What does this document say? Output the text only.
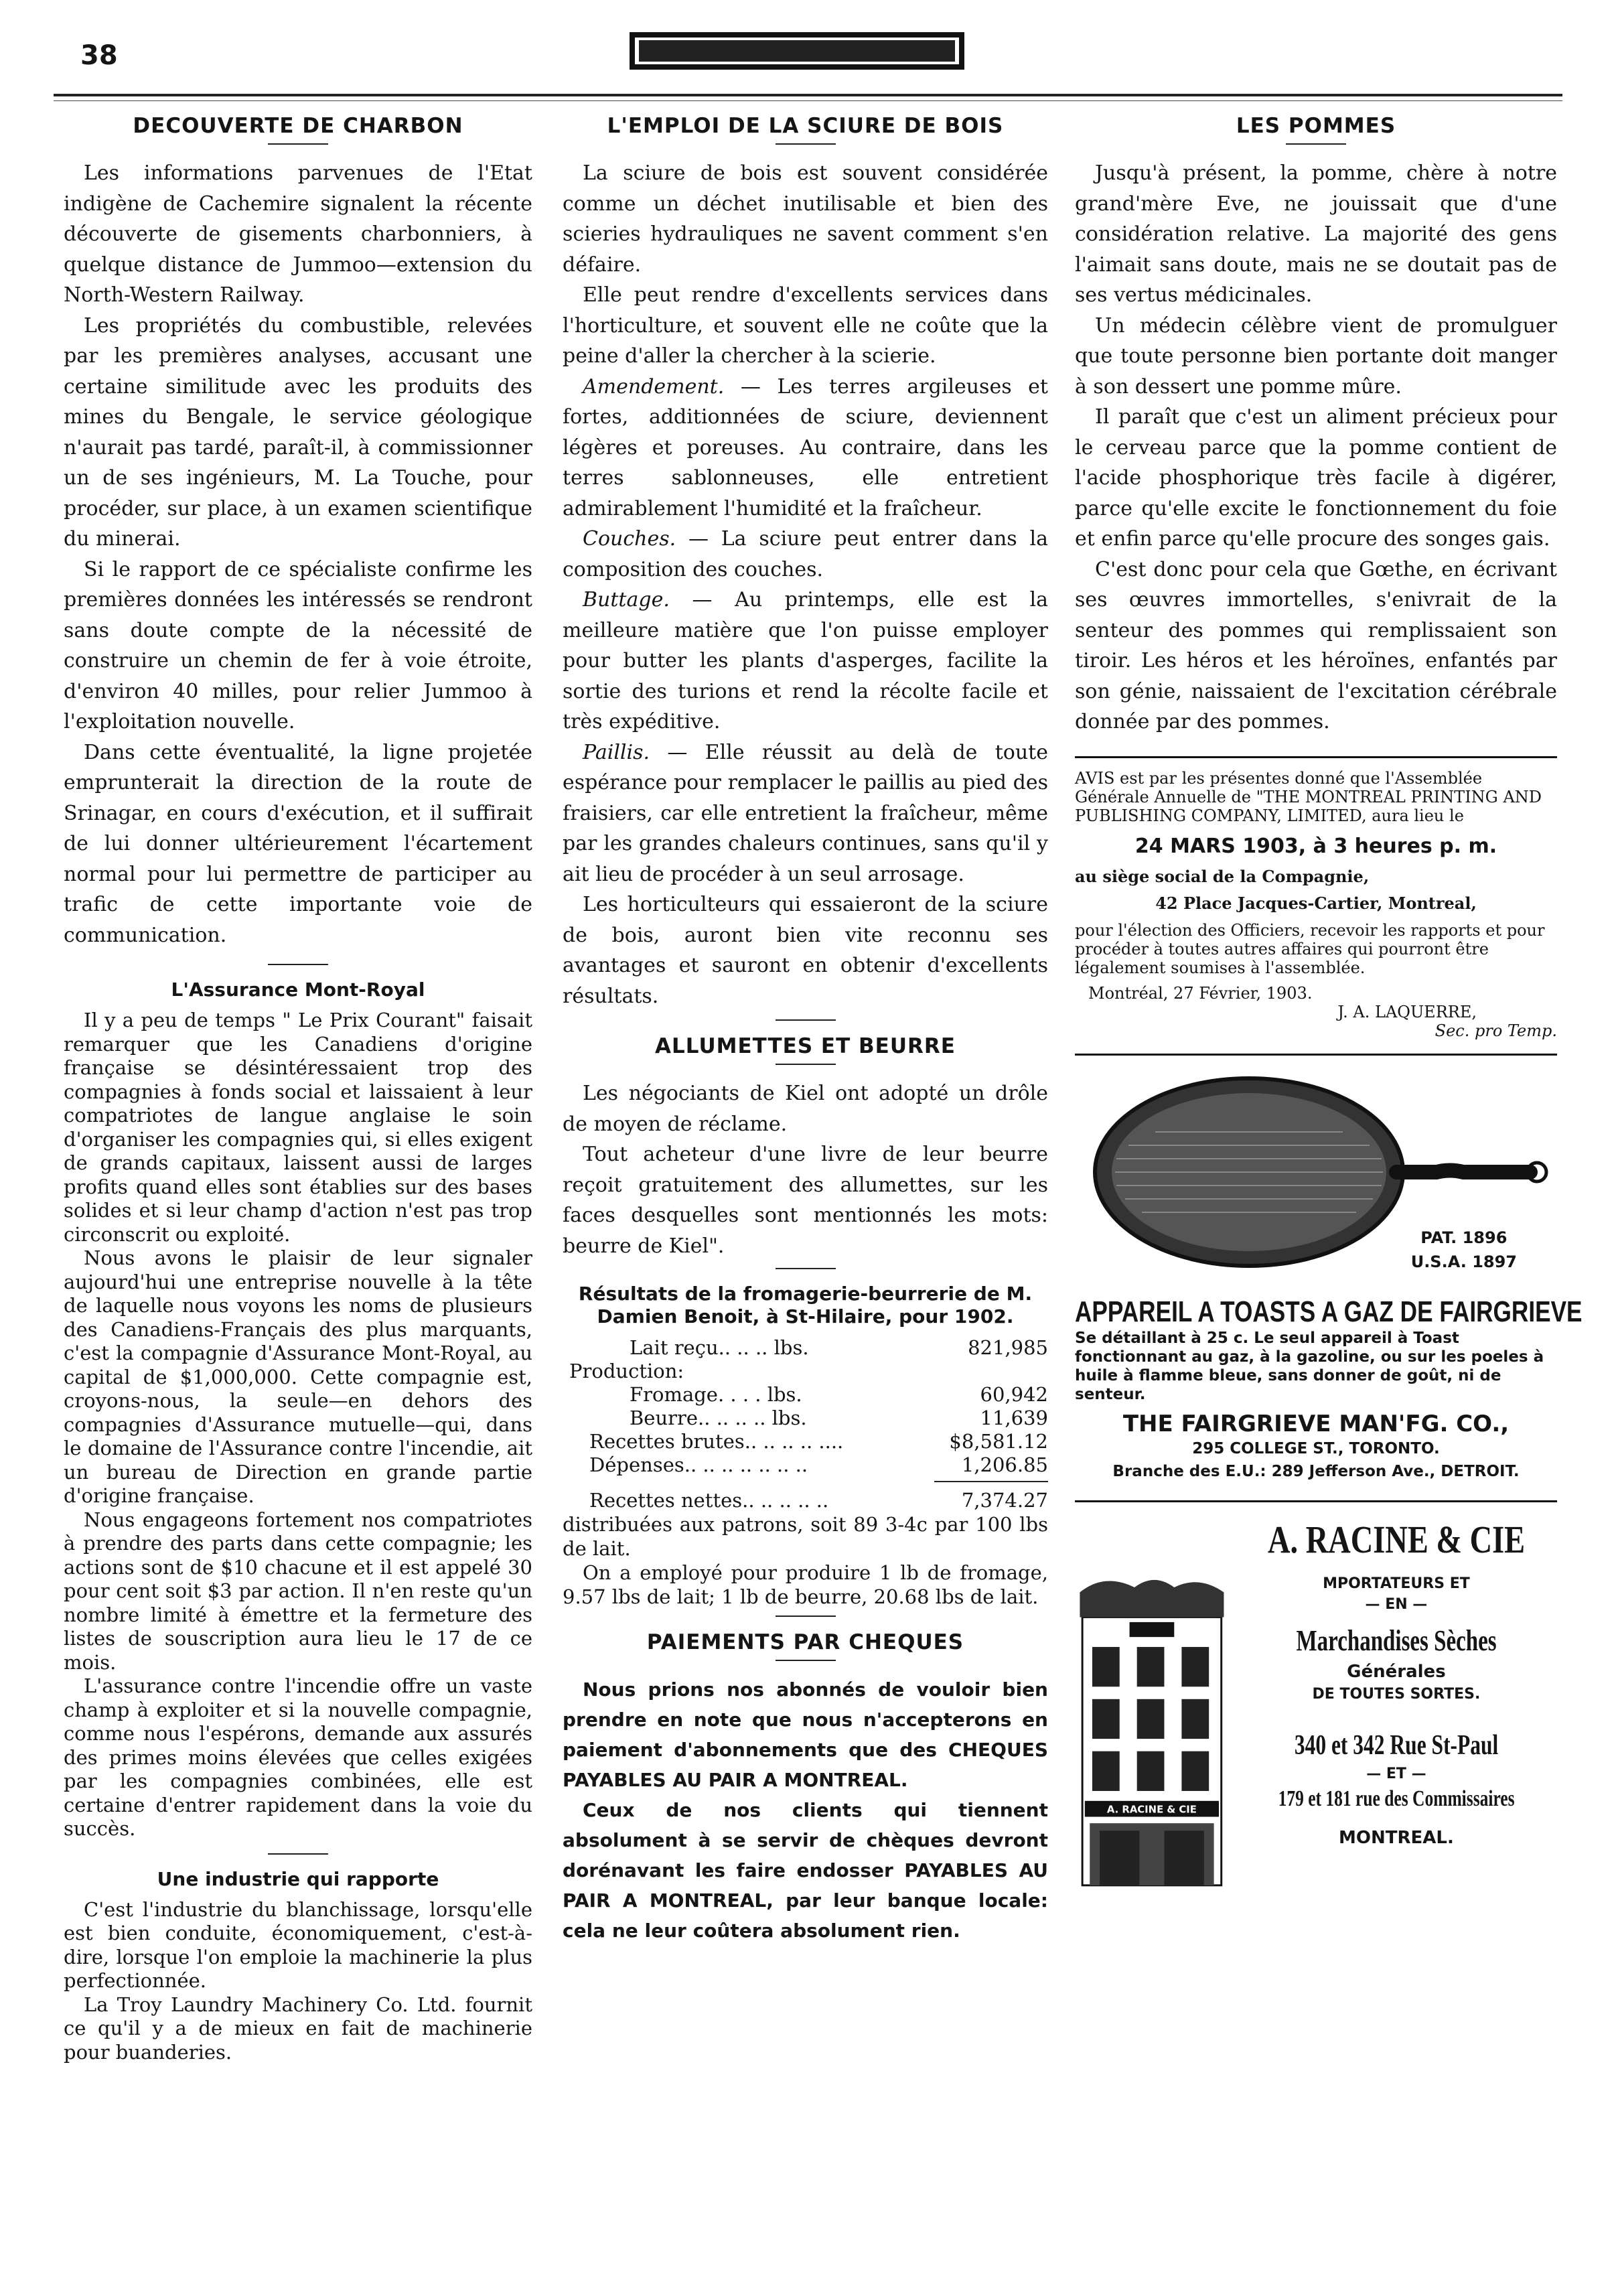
38
DECOUVERTE DE CHARBON

Les informations parvenues de l'Etat indigène de Cachemire signalent la récente découverte de gisements charbonniers, à quelque distance de Jummoo—extension du North-Western Railway.

Les propriétés du combustible, relevées par les premières analyses, accusant une certaine similitude avec les produits des mines du Bengale, le service géologique n'aurait pas tardé, paraît-il, à commissionner un de ses ingénieurs, M. La Touche, pour procéder, sur place, à un examen scientifique du minerai.

Si le rapport de ce spécialiste confirme les premières données les intéressés se rendront sans doute compte de la nécessité de construire un chemin de fer à voie étroite, d'environ 40 milles, pour relier Jummoo à l'exploitation nouvelle.

Dans cette éventualité, la ligne projetée emprunterait la direction de la route de Srinagar, en cours d'exécution, et il suffirait de lui donner ultérieurement l'écartement normal pour lui permettre de participer au trafic de cette importante voie de communication.

L'Assurance Mont-Royal

Il y a peu de temps " Le Prix Courant" faisait remarquer que les Canadiens d'origine française se désintéressaient trop des compagnies à fonds social et laissaient à leur compatriotes de langue anglaise le soin d'organiser les compagnies qui, si elles exigent de grands capitaux, laissent aussi de larges profits quand elles sont établies sur des bases solides et si leur champ d'action n'est pas trop circonscrit ou exploité.

Nous avons le plaisir de leur signaler aujourd'hui une entreprise nouvelle à la tête de laquelle nous voyons les noms de plusieurs des Canadiens-Français des plus marquants, c'est la compagnie d'Assurance Mont-Royal, au capital de $1,000,000. Cette compagnie est, croyons-nous, la seule—en dehors des compagnies d'Assurance mutuelle—qui, dans le domaine de l'Assurance contre l'incendie, ait un bureau de Direction en grande partie d'origine française.

Nous engageons fortement nos compatriotes à prendre des parts dans cette compagnie; les actions sont de $10 chacune et il est appelé 30 pour cent soit $3 par action. Il n'en reste qu'un nombre limité à émettre et la fermeture des listes de souscription aura lieu le 17 de ce mois.

L'assurance contre l'incendie offre un vaste champ à exploiter et si la nouvelle compagnie, comme nous l'espérons, demande aux assurés des primes moins élevées que celles exigées par les compagnies combinées, elle est certaine d'entrer rapidement dans la voie du succès.

Une industrie qui rapporte

C'est l'industrie du blanchissage, lorsqu'elle est bien conduite, économiquement, c'est-à-dire, lorsque l'on emploie la machinerie la plus perfectionnée.

La Troy Laundry Machinery Co. Ltd. fournit ce qu'il y a de mieux en fait de machinerie pour buanderies.

L'EMPLOI DE LA SCIURE DE BOIS

La sciure de bois est souvent considérée comme un déchet inutilisable et bien des scieries hydrauliques ne savent comment s'en défaire.

Elle peut rendre d'excellents services dans l'horticulture, et souvent elle ne coûte que la peine d'aller la chercher à la scierie.

Amendement. — Les terres argileuses et fortes, additionnées de sciure, deviennent légères et poreuses. Au contraire, dans les terres sablonneuses, elle entretient admirablement l'humidité et la fraîcheur.

Couches. — La sciure peut entrer dans la composition des couches.

Buttage. — Au printemps, elle est la meilleure matière que l'on puisse employer pour butter les plants d'asperges, facilite la sortie des turions et rend la récolte facile et très expéditive.

Paillis. — Elle réussit au delà de toute espérance pour remplacer le paillis au pied des fraisiers, car elle entretient la fraîcheur, même par les grandes chaleurs continues, sans qu'il y ait lieu de procéder à un seul arrosage.

Les horticulteurs qui essaieront de la sciure de bois, auront bien vite reconnu ses avantages et sauront en obtenir d'excellents résultats.

ALLUMETTES ET BEURRE

Les négociants de Kiel ont adopté un drôle de moyen de réclame.

Tout acheteur d'une livre de leur beurre reçoit gratuitement des allumettes, sur les faces desquelles sont mentionnés les mots: beurre de Kiel".

Résultats de la fromagerie-beurrerie de M. Damien Benoit, à St-Hilaire, pour 1902.
Lait reçu.. .. .. lbs.	821,985
Production:
Fromage. . . . lbs.	60,942
Beurre.. .. .. .. lbs.	11,639
Recettes brutes.. .. .. .. ....	$8,581.12
Dépenses.. .. .. .. .. .. ..	1,206.85
Recettes nettes.. .. .. .. ..	7,374.27

distribuées aux patrons, soit 89 3-4c par 100 lbs de lait.

On a employé pour produire 1 lb de fromage, 9.57 lbs de lait; 1 lb de beurre, 20.68 lbs de lait.

PAIEMENTS PAR CHEQUES

Nous prions nos abonnés de vouloir bien prendre en note que nous n'accepterons en paiement d'abonnements que des CHEQUES PAYABLES AU PAIR A MONTREAL.

Ceux de nos clients qui tiennent absolument à se servir de chèques devront dorénavant les faire endosser PAYABLES AU PAIR A MONTREAL, par leur banque locale: cela ne leur coûtera absolument rien.

LES POMMES

Jusqu'à présent, la pomme, chère à notre grand'mère Eve, ne jouissait que d'une considération relative. La majorité des gens l'aimait sans doute, mais ne se doutait pas de ses vertus médicinales.

Un médecin célèbre vient de promulguer que toute personne bien portante doit manger à son dessert une pomme mûre.

Il paraît que c'est un aliment précieux pour le cerveau parce que la pomme contient de l'acide phosphorique très facile à digérer, parce qu'elle excite le fonctionnement du foie et enfin parce qu'elle procure des songes gais.

C'est donc pour cela que Gœthe, en écrivant ses œuvres immortelles, s'enivrait de la senteur des pommes qui remplissaient son tiroir. Les héros et les héroïnes, enfantés par son génie, naissaient de l'excitation cérébrale donnée par des pommes.

AVIS est par les présentes donné que l'Assemblée Générale Annuelle de "THE MONTREAL PRINTING AND PUBLISHING COMPANY, LIMITED, aura lieu le
24 MARS 1903, à 3 heures p. m.
au siège social de la Compagnie,
42 Place Jacques-Cartier, Montreal,
pour l'élection des Officiers, recevoir les rapports et pour procéder à toutes autres affaires qui pourront être légalement soumises à l'assemblée.
Montréal, 27 Février, 1903.
J. A. LAQUERRE,
Sec. pro Temp.
PAT. 1896
U.S.A. 1897
APPAREIL A TOASTS A GAZ DE FAIRGRIEVE
Se détaillant à 25 c. Le seul appareil à Toast fonctionnant au gaz, à la gazoline, ou sur les poeles à huile à flamme bleue, sans donner de goût, ni de senteur.
THE FAIRGRIEVE MAN'FG. CO.,
295 COLLEGE ST., TORONTO.
Branche des E.U.: 289 Jefferson Ave., DETROIT.
A. RACINE & CIE
A. RACINE & CIE
MPORTATEURS ET
— EN —
Marchandises Sèches
Générales
DE TOUTES SORTES.
340 et 342 Rue St-Paul
— ET —
179 et 181 rue des Commissaires
MONTREAL.
